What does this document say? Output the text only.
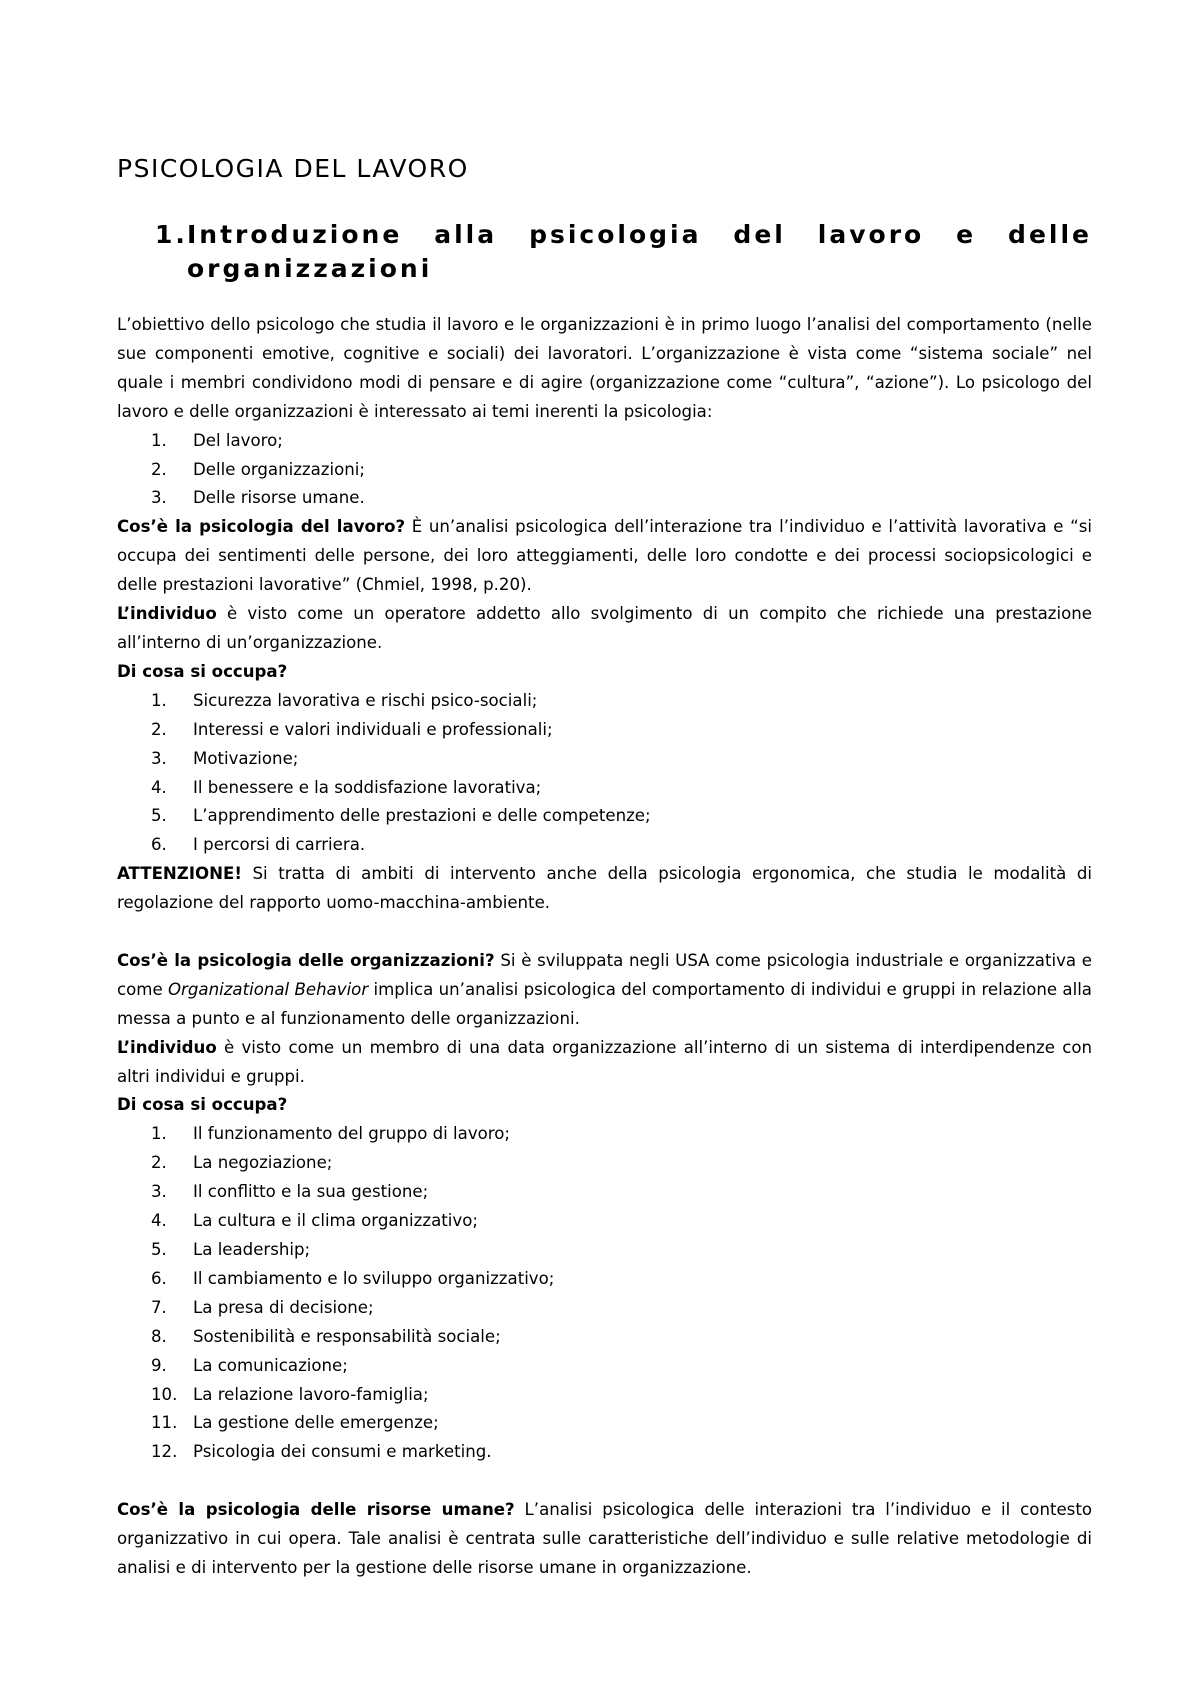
PSICOLOGIA DEL LAVORO
1. Introduzione alla psicologia del lavoro e delle
organizzazioni

L’obiettivo dello psicologo che studia il lavoro e le organizzazioni è in primo luogo l’analisi del comportamento (nelle sue componenti emotive, cognitive e sociali) dei lavoratori. L’organizzazione è vista come “sistema sociale” nel quale i membri condividono modi di pensare e di agire (organizzazione come “cultura”, “azione”). Lo psicologo del lavoro e delle organizzazioni è interessato ai temi inerenti la psicologia:

1. Del lavoro;
2. Delle organizzazioni;
3. Delle risorse umane.

Cos’è la psicologia del lavoro? È un’analisi psicologica dell’interazione tra l’individuo e l’attività lavorativa e “si occupa dei sentimenti delle persone, dei loro atteggiamenti, delle loro condotte e dei processi sociopsicologici e delle prestazioni lavorative” (Chmiel, 1998, p.20).

L’individuo è visto come un operatore addetto allo svolgimento di un compito che richiede una prestazione all’interno di un’organizzazione.

Di cosa si occupa?

1. Sicurezza lavorativa e rischi psico-sociali;
2. Interessi e valori individuali e professionali;
3. Motivazione;
4. Il benessere e la soddisfazione lavorativa;
5. L’apprendimento delle prestazioni e delle competenze;
6. I percorsi di carriera.

ATTENZIONE! Si tratta di ambiti di intervento anche della psicologia ergonomica, che studia le modalità di regolazione del rapporto uomo-macchina-ambiente.

Cos’è la psicologia delle organizzazioni? Si è sviluppata negli USA come psicologia industriale e organizzativa e come Organizational Behavior implica un’analisi psicologica del comportamento di individui e gruppi in relazione alla messa a punto e al funzionamento delle organizzazioni.

L’individuo è visto come un membro di una data organizzazione all’interno di un sistema di interdipendenze con altri individui e gruppi.

Di cosa si occupa?

1. Il funzionamento del gruppo di lavoro;
2. La negoziazione;
3. Il conflitto e la sua gestione;
4. La cultura e il clima organizzativo;
5. La leadership;
6. Il cambiamento e lo sviluppo organizzativo;
7. La presa di decisione;
8. Sostenibilità e responsabilità sociale;
9. La comunicazione;
10. La relazione lavoro-famiglia;
11. La gestione delle emergenze;
12. Psicologia dei consumi e marketing.

Cos’è la psicologia delle risorse umane? L’analisi psicologica delle interazioni tra l’individuo e il contesto organizzativo in cui opera. Tale analisi è centrata sulle caratteristiche dell’individuo e sulle relative metodologie di analisi e di intervento per la gestione delle risorse umane in organizzazione.
